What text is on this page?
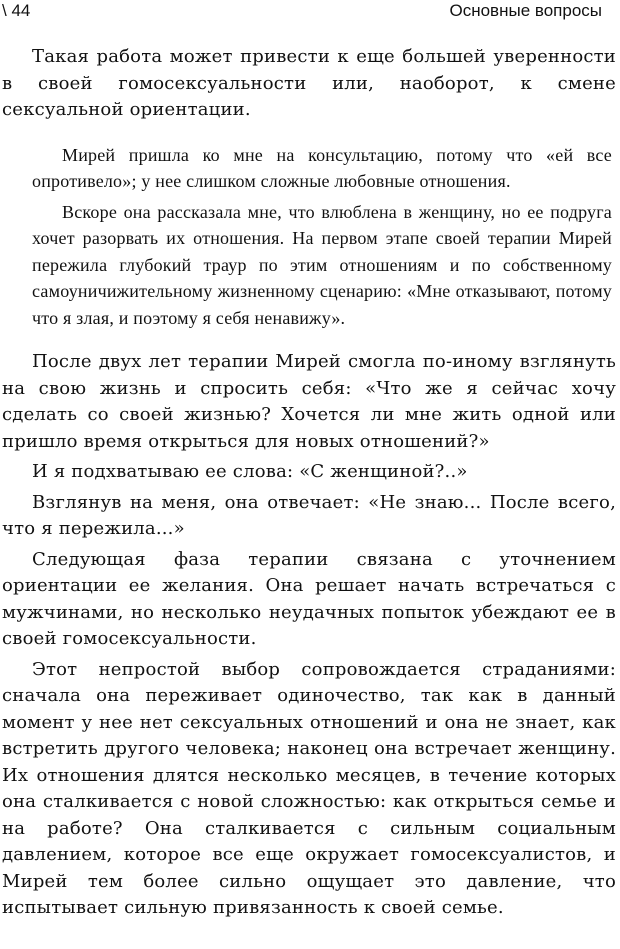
\ 44	Основные вопросы

Такая работа может привести к еще большей уверенности в своей гомосексуальности или, наоборот, к смене сексуальной ориентации.

Мирей пришла ко мне на консультацию, потому что «ей все опротивело»; у нее слишком сложные любовные отношения.

Вскоре она рассказала мне, что влюблена в женщину, но ее подруга хочет разорвать их отношения. На первом этапе своей терапии Мирей пережила глубокий траур по этим отношениям и по собственному самоуничижительному жизненному сценарию: «Мне отказывают, потому что я злая, и поэтому я себя ненавижу».

После двух лет терапии Мирей смогла по-иному взглянуть на свою жизнь и спросить себя: «Что же я сейчас хочу сделать со своей жизнью? Хочется ли мне жить одной или пришло время открыться для новых отношений?»

И я подхватываю ее слова: «С женщиной?..»

Взглянув на меня, она отвечает: «Не знаю... После всего, что я пережила...»

Следующая фаза терапии связана с уточнением ориентации ее желания. Она решает начать встречаться с мужчинами, но несколько неудачных попыток убеждают ее в своей гомосексуальности.

Этот непростой выбор сопровождается страданиями: сначала она переживает одиночество, так как в данный момент у нее нет сексуальных отношений и она не знает, как встретить другого человека; наконец она встречает женщину. Их отношения длятся несколько месяцев, в течение которых она сталкивается с новой сложностью: как открыться семье и на работе? Она сталкивается с сильным социальным давлением, которое все еще окружает гомосексуалистов, и Мирей тем более сильно ощущает это давление, что испытывает сильную привязанность к своей семье.
